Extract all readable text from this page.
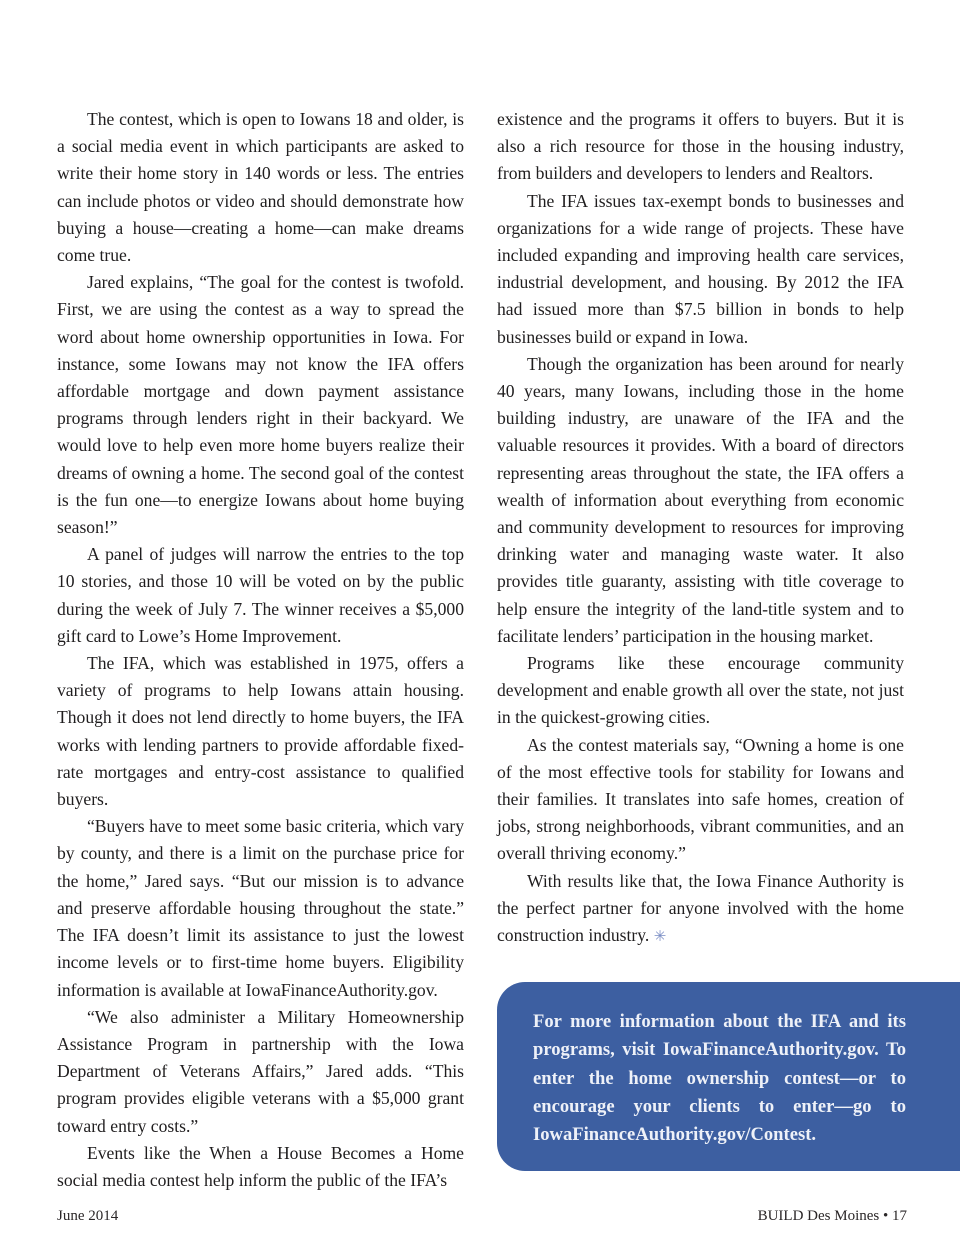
The contest, which is open to Iowans 18 and older, is a social media event in which participants are asked to write their home story in 140 words or less. The entries can include photos or video and should demonstrate how buying a house—creating a home—can make dreams come true.

Jared explains, “The goal for the contest is twofold. First, we are using the contest as a way to spread the word about home ownership opportunities in Iowa. For instance, some Iowans may not know the IFA offers affordable mortgage and down payment assistance programs through lenders right in their backyard. We would love to help even more home buyers realize their dreams of owning a home. The second goal of the contest is the fun one—to energize Iowans about home buying season!”

A panel of judges will narrow the entries to the top 10 stories, and those 10 will be voted on by the public during the week of July 7. The winner receives a $5,000 gift card to Lowe’s Home Improvement.

The IFA, which was established in 1975, offers a variety of programs to help Iowans attain housing. Though it does not lend directly to home buyers, the IFA works with lending partners to provide affordable fixed-rate mortgages and entry-cost assistance to qualified buyers.

“Buyers have to meet some basic criteria, which vary by county, and there is a limit on the purchase price for the home,” Jared says. “But our mission is to advance and preserve affordable housing throughout the state.” The IFA doesn’t limit its assistance to just the lowest income levels or to first-time home buyers. Eligibility information is available at IowaFinanceAuthority.gov.

“We also administer a Military Homeownership Assistance Program in partnership with the Iowa Department of Veterans Affairs,” Jared adds. “This program provides eligible veterans with a $5,000 grant toward entry costs.”

Events like the When a House Becomes a Home social media contest help inform the public of the IFA’s

existence and the programs it offers to buyers. But it is also a rich resource for those in the housing industry, from builders and developers to lenders and Realtors.

The IFA issues tax-exempt bonds to businesses and organizations for a wide range of projects. These have included expanding and improving health care services, industrial development, and housing. By 2012 the IFA had issued more than $7.5 billion in bonds to help businesses build or expand in Iowa.

Though the organization has been around for nearly 40 years, many Iowans, including those in the home building industry, are unaware of the IFA and the valuable resources it provides. With a board of directors representing areas throughout the state, the IFA offers a wealth of information about everything from economic and community development to resources for improving drinking water and managing waste water. It also provides title guaranty, assisting with title coverage to help ensure the integrity of the land-title system and to facilitate lenders’ participation in the housing market.

Programs like these encourage community development and enable growth all over the state, not just in the quickest-growing cities.

As the contest materials say, “Owning a home is one of the most effective tools for stability for Iowans and their families. It translates into safe homes, creation of jobs, strong neighborhoods, vibrant communities, and an overall thriving economy.”

With results like that, the Iowa Finance Authority is the perfect partner for anyone involved with the home construction industry. ✳

For more information about the IFA and its programs, visit IowaFinanceAuthority.gov. To enter the home ownership contest—or to encourage your clients to enter—go to IowaFinanceAuthority.gov/Contest.

June 2014	BUILD Des Moines • 17
